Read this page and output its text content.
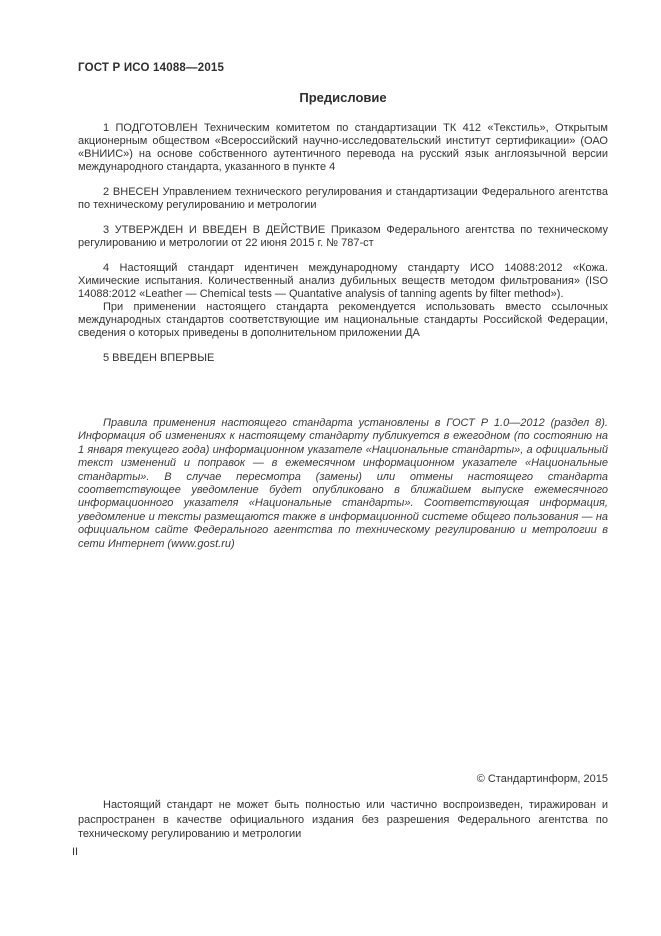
ГОСТ Р ИСО 14088—2015
Предисловие

1 ПОДГОТОВЛЕН Техническим комитетом по стандартизации ТК 412 «Текстиль», Открытым акционерным обществом «Всероссийский научно-исследовательский институт сертификации» (ОАО «ВНИИС») на основе собственного аутентичного перевода на русский язык англоязычной версии международного стандарта, указанного в пункте 4

2 ВНЕСЕН Управлением технического регулирования и стандартизации Федерального агентства по техническому регулированию и метрологии

3 УТВЕРЖДЕН И ВВЕДЕН В ДЕЙСТВИЕ Приказом Федерального агентства по техническому регулированию и метрологии от 22 июня 2015 г. № 787-ст

4 Настоящий стандарт идентичен международному стандарту ИСО 14088:2012 «Кожа. Химические испытания. Количественный анализ дубильных веществ методом фильтрования» (ISO 14088:2012 «Leather — Chemical tests — Quantative analysis of tanning agents by filter method»).

При применении настоящего стандарта рекомендуется использовать вместо ссылочных международных стандартов соответствующие им национальные стандарты Российской Федерации, сведения о которых приведены в дополнительном приложении ДА

5 ВВЕДЕН ВПЕРВЫЕ

Правила применения настоящего стандарта установлены в ГОСТ Р 1.0—2012 (раздел 8). Информация об изменениях к настоящему стандарту публикуется в ежегодном (по состоянию на 1 января текущего года) информационном указателе «Национальные стандарты», а официальный текст изменений и поправок — в ежемесячном информационном указателе «Национальные стандарты». В случае пересмотра (замены) или отмены настоящего стандарта соответствующее уведомление будет опубликовано в ближайшем выпуске ежемесячного информационного указателя «Национальные стандарты». Соответствующая информация, уведомление и тексты размещаются также в информационной системе общего пользования — на официальном сайте Федерального агентства по техническому регулированию и метрологии в сети Интернет (www.gost.ru)
© Стандартинформ, 2015

Настоящий стандарт не может быть полностью или частично воспроизведен, тиражирован и распространен в качестве официального издания без разрешения Федерального агентства по техническому регулированию и метрологии

II
